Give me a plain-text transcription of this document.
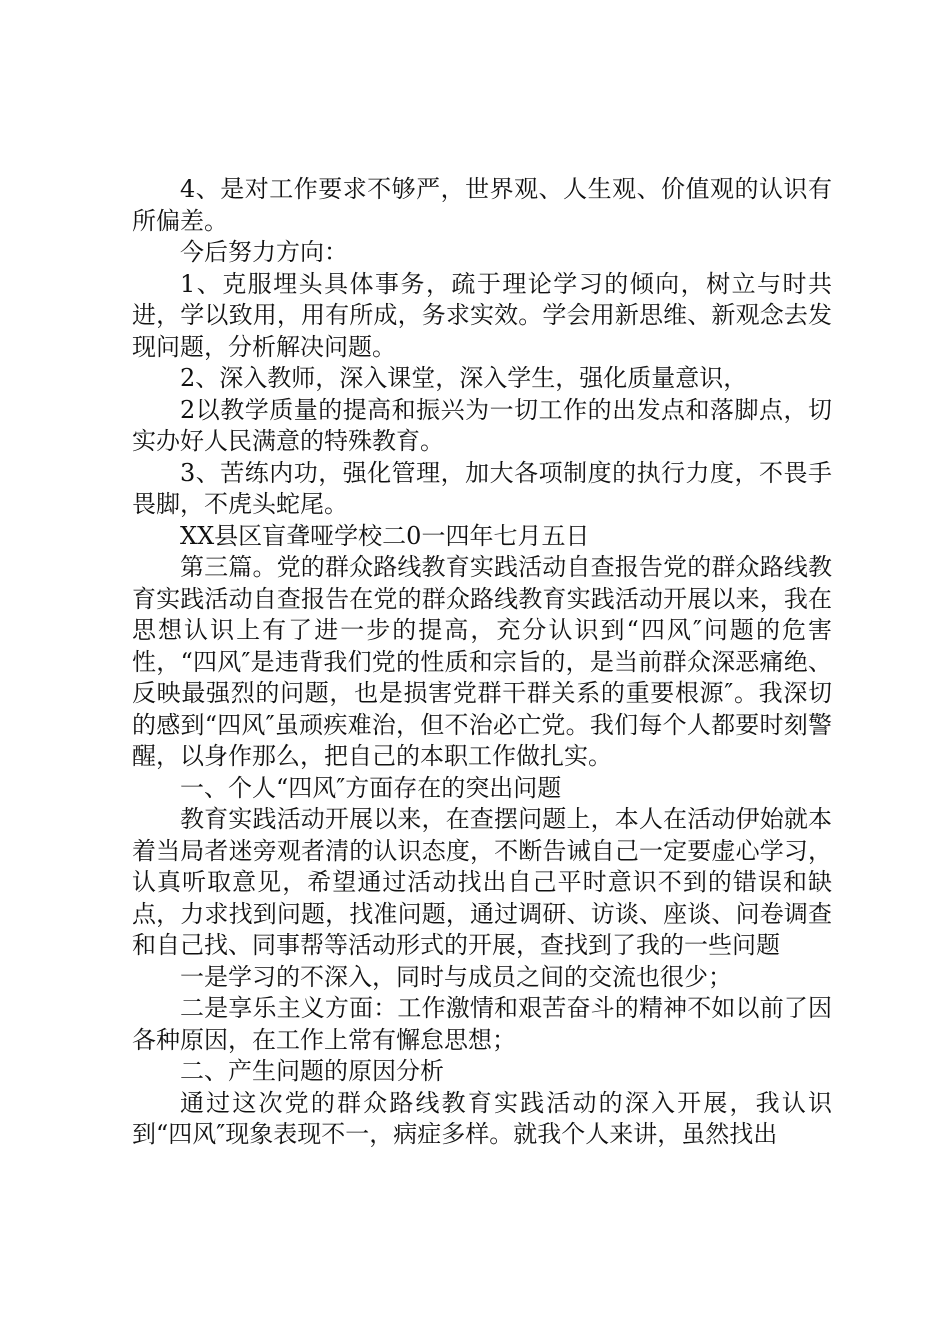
4、是对工作要求不够严，世界观、人生观、价值观的认识有所偏差。

今后努力方向：

1、克服埋头具体事务，疏于理论学习的倾向，树立与时共进，学以致用，用有所成，务求实效。学会用新思维、新观念去发现问题，分析解决问题。

2、深入教师，深入课堂，深入学生，强化质量意识，

2以教学质量的提高和振兴为一切工作的出发点和落脚点，切实办好人民满意的特殊教育。

3、苦练内功，强化管理，加大各项制度的执行力度，不畏手畏脚，不虎头蛇尾。

XX县区盲聋哑学校二0一四年七月五日

第三篇。党的群众路线教育实践活动自查报告党的群众路线教育实践活动自查报告在党的群众路线教育实践活动开展以来，我在思想认识上有了进一步的提高，充分认识到“四风″问题的危害性，“四风″是违背我们党的性质和宗旨的，是当前群众深恶痛绝、反映最强烈的问题，也是损害党群干群关系的重要根源″。我深切的感到“四风″虽顽疾难治，但不治必亡党。我们每个人都要时刻警醒，以身作那么，把自己的本职工作做扎实。

一、个人“四风″方面存在的突出问题

教育实践活动开展以来，在查摆问题上，本人在活动伊始就本着当局者迷旁观者清的认识态度，不断告诫自己一定要虚心学习，认真听取意见，希望通过活动找出自己平时意识不到的错误和缺点，力求找到问题，找准问题，通过调研、访谈、座谈、问卷调查和自己找、同事帮等活动形式的开展，查找到了我的一些问题

一是学习的不深入，同时与成员之间的交流也很少；

二是享乐主义方面：工作激情和艰苦奋斗的精神不如以前了因各种原因，在工作上常有懈怠思想；

二、产生问题的原因分析

通过这次党的群众路线教育实践活动的深入开展，我认识到“四风″现象表现不一，病症多样。就我个人来讲，虽然找出
